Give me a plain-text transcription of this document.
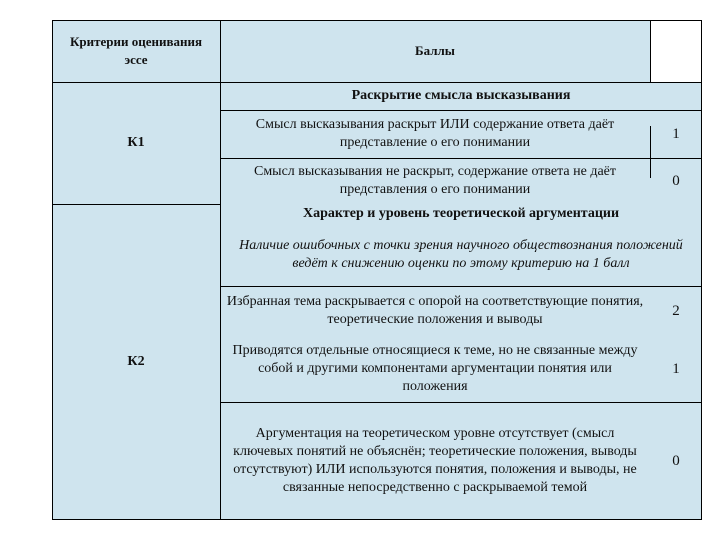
Критерии оценивания эссе
Баллы
К1
Раскрытие смысла высказывания
Смысл высказывания раскрыт ИЛИ содержание ответа даёт представление о его понимании
1
Смысл высказывания не раскрыт, содержание ответа не даёт представления о его понимании
0
Характер и уровень теоретической аргументации
К2
Наличие ошибочных с точки зрения научного обществознания положений ведёт к снижению оценки по этому критерию на 1 балл
Избранная тема раскрывается с опорой на соответствующие понятия, теоретические положения и выводы
2
Приводятся отдельные относящиеся к теме, но не связанные между собой и другими компонентами аргументации понятия или положения
1
Аргументация на теоретическом уровне отсутствует (смысл ключевых понятий не объяснён; теоретические положения, выводы отсутствуют) ИЛИ используются понятия, положения и выводы, не связанные непосредственно с раскрываемой темой
0
